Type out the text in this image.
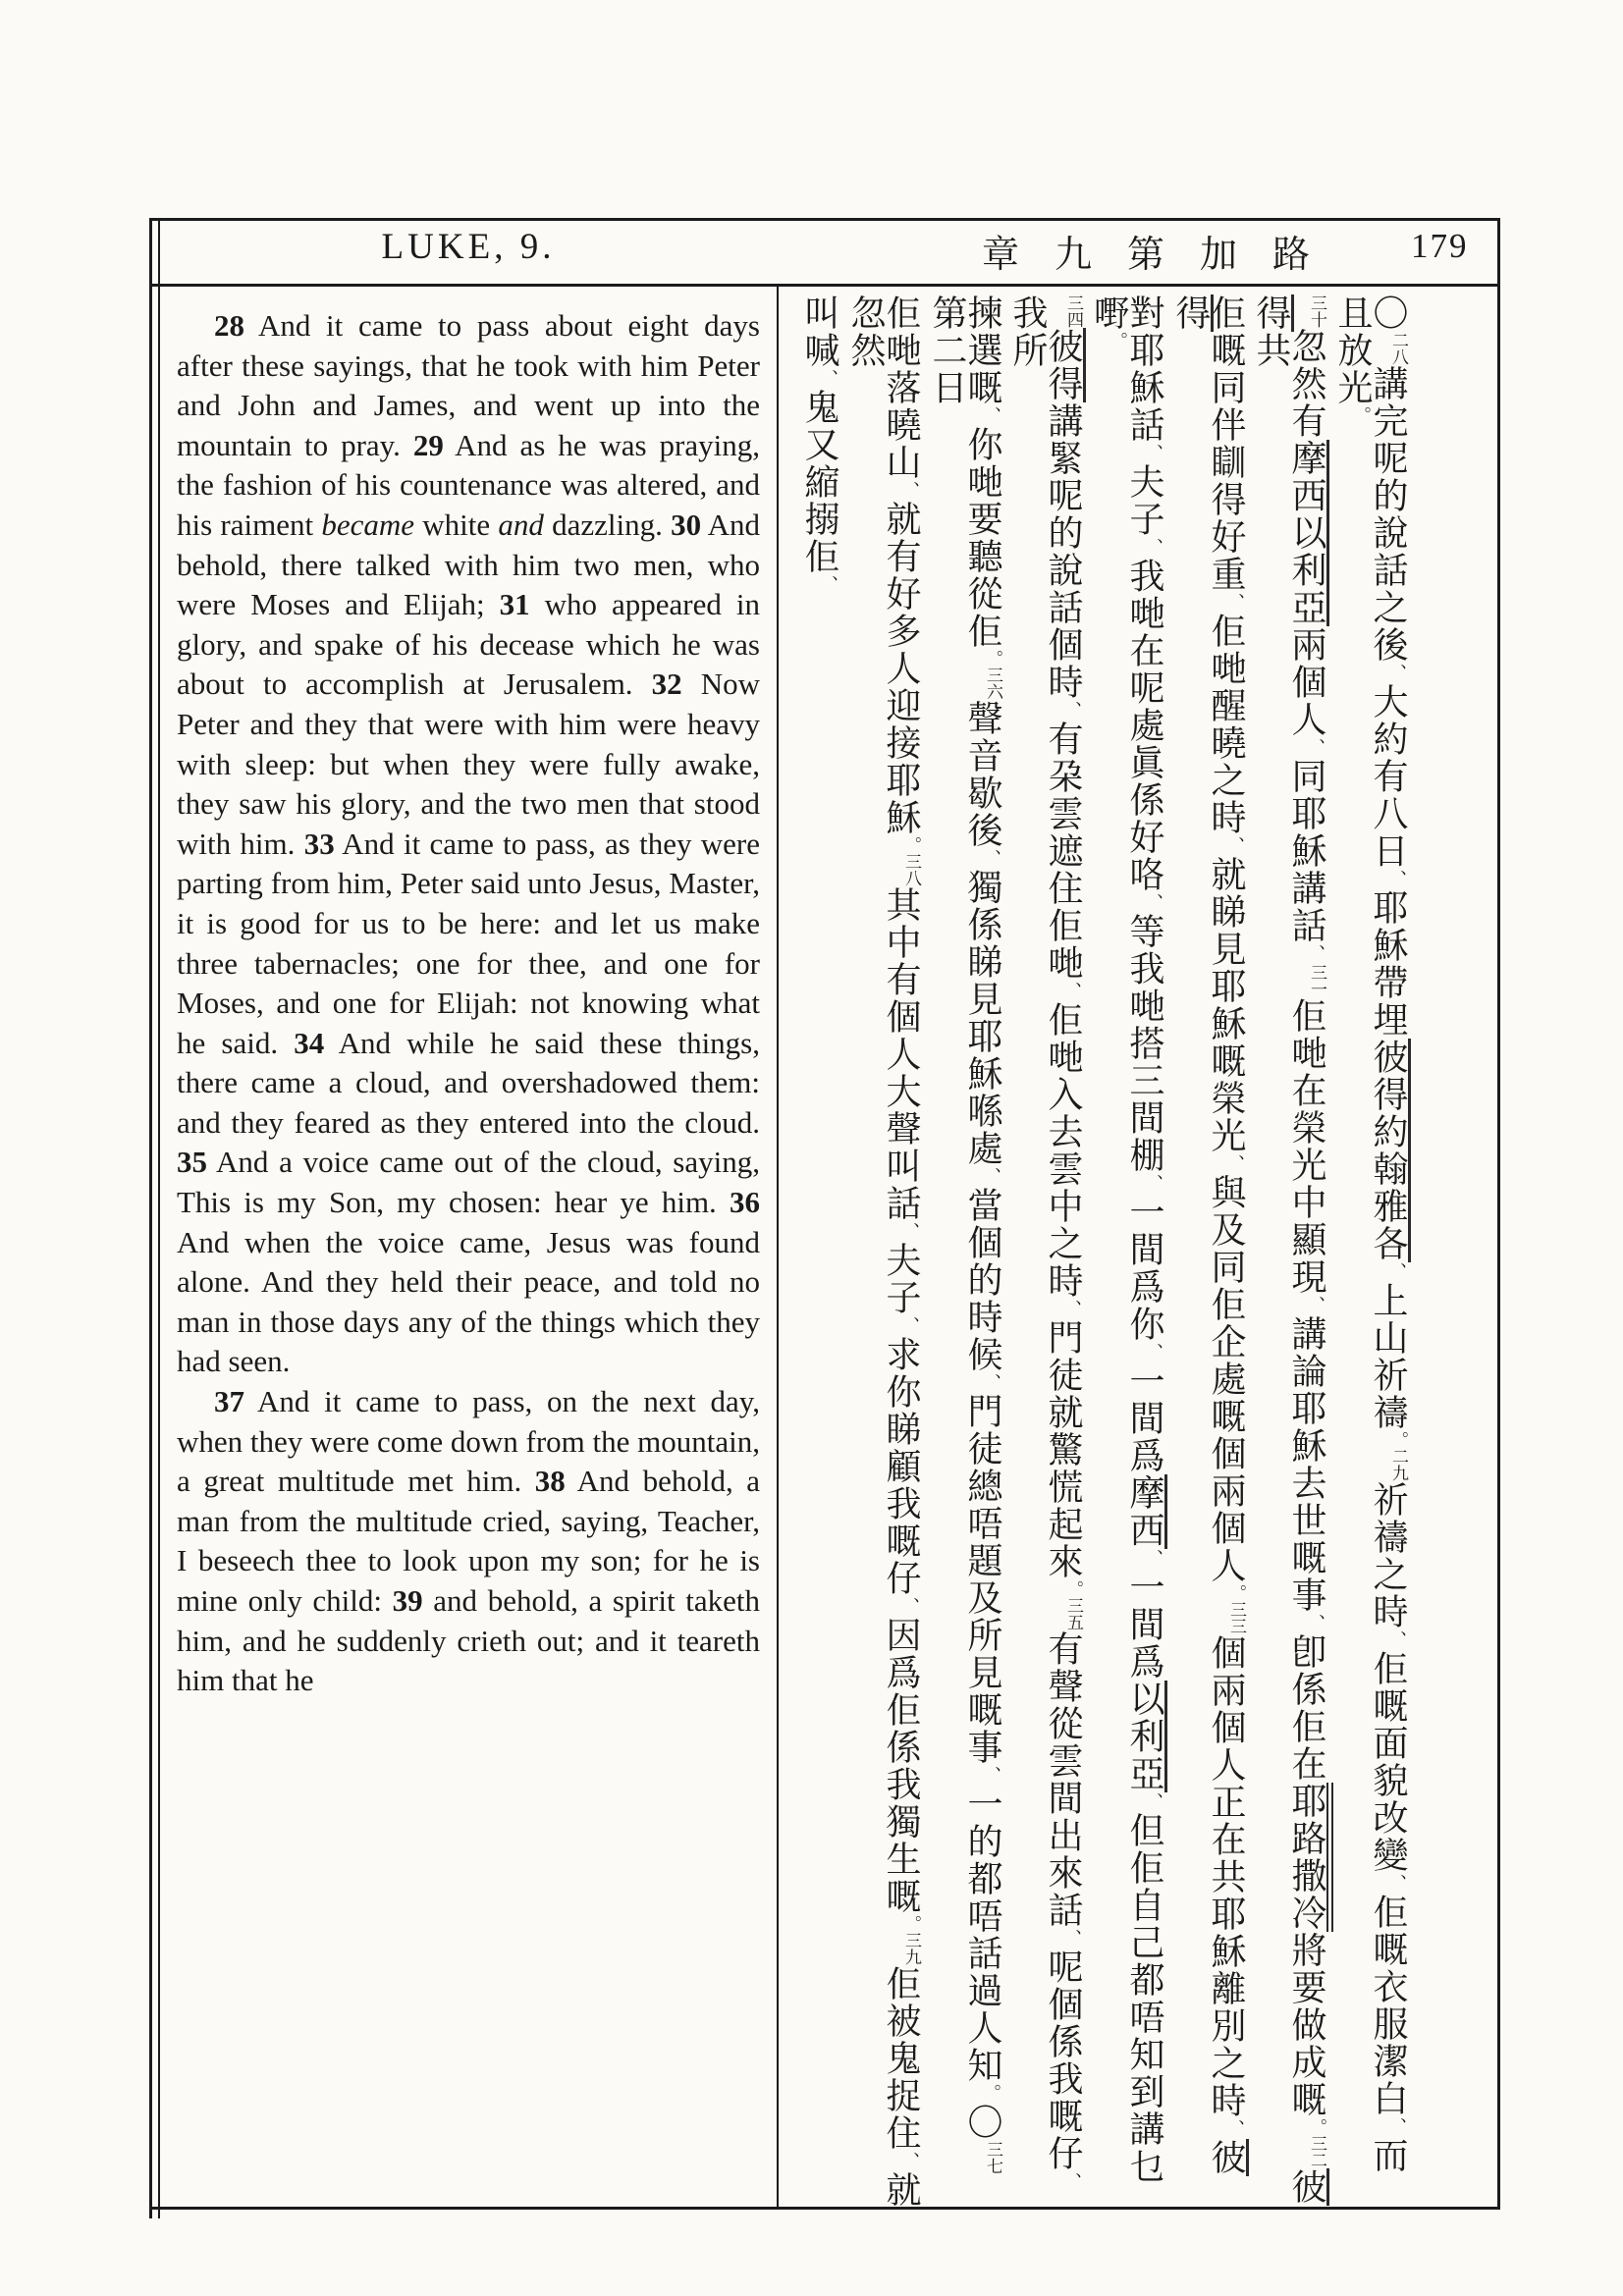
LUKE, 9.	章九第加路 179

28 And it came to pass about eight days after these sayings, that he took with him Peter and John and James, and went up into the mountain to pray. 29 And as he was praying, the fashion of his countenance was altered, and his raiment became white and dazzling. 30 And behold, there talked with him two men, who were Moses and Elijah; 31 who appeared in glory, and spake of his decease which he was about to accomplish at Jerusalem. 32 Now Peter and they that were with him were heavy with sleep: but when they were fully awake, they saw his glory, and the two men that stood with him. 33 And it came to pass, as they were parting from him, Peter said unto Jesus, Master, it is good for us to be here: and let us make three tabernacles; one for thee, and one for Moses, and one for Elijah: not knowing what he said. 34 And while he said these things, there came a cloud, and overshadowed them: and they feared as they entered into the cloud. 35 And a voice came out of the cloud, saying, This is my Son, my chosen: hear ye him. 36 And when the voice came, Jesus was found alone. And they held their peace, and told no man in those days any of the things which they had seen.

37 And it came to pass, on the next day, when they were come down from the mountain, a great multitude met him. 38 And behold, a man from the multitude cried, saying, Teacher, I beseech thee to look upon my son; for he is mine only child: 39 and behold, a spirit taketh him, and he suddenly crieth out; and it teareth him that he

〇二八講完呢的說話之後、大約有八日、耶穌帶埋彼得約翰雅各、上山祈禱。二九祈禱之時、佢嘅面貌改變、佢嘅衣服潔白、而且放光。
三十忽然有摩西以利亞兩個人、同耶穌講話、三一佢哋在榮光中顯現、講論耶穌去世嘅事、卽係佢在耶路撒冷將要做成嘅。三二彼得共
佢嘅同伴瞓得好重、佢哋醒曉之時、就睇見耶穌嘅榮光、與及同佢企處嘅個兩個人。三三個兩個人正在共耶穌離別之時、彼得
對耶穌話、夫子、我哋在呢處眞係好咯、等我哋搭三間棚、一間爲你、一間爲摩西、一間爲以利亞、但佢自己都唔知到講乜嘢。
三四彼得講緊呢的說話個時、有朶雲遮住佢哋、佢哋入去雲中之時、門徒就驚慌起來。三五有聲從雲間出來話、呢個係我嘅仔、我所
揀選嘅、你哋要聽從佢。三六聲音歇後、獨係睇見耶穌喺處、當個的時候、門徒總唔題及所見嘅事、一的都唔話過人知。〇三七第二日
佢哋落曉山、就有好多人迎接耶穌。三八其中有個人大聲叫話、夫子、求你睇顧我嘅仔、因爲佢係我獨生嘅。三九佢被鬼捉住、就忽然
叫喊、鬼又縮搦佢、
